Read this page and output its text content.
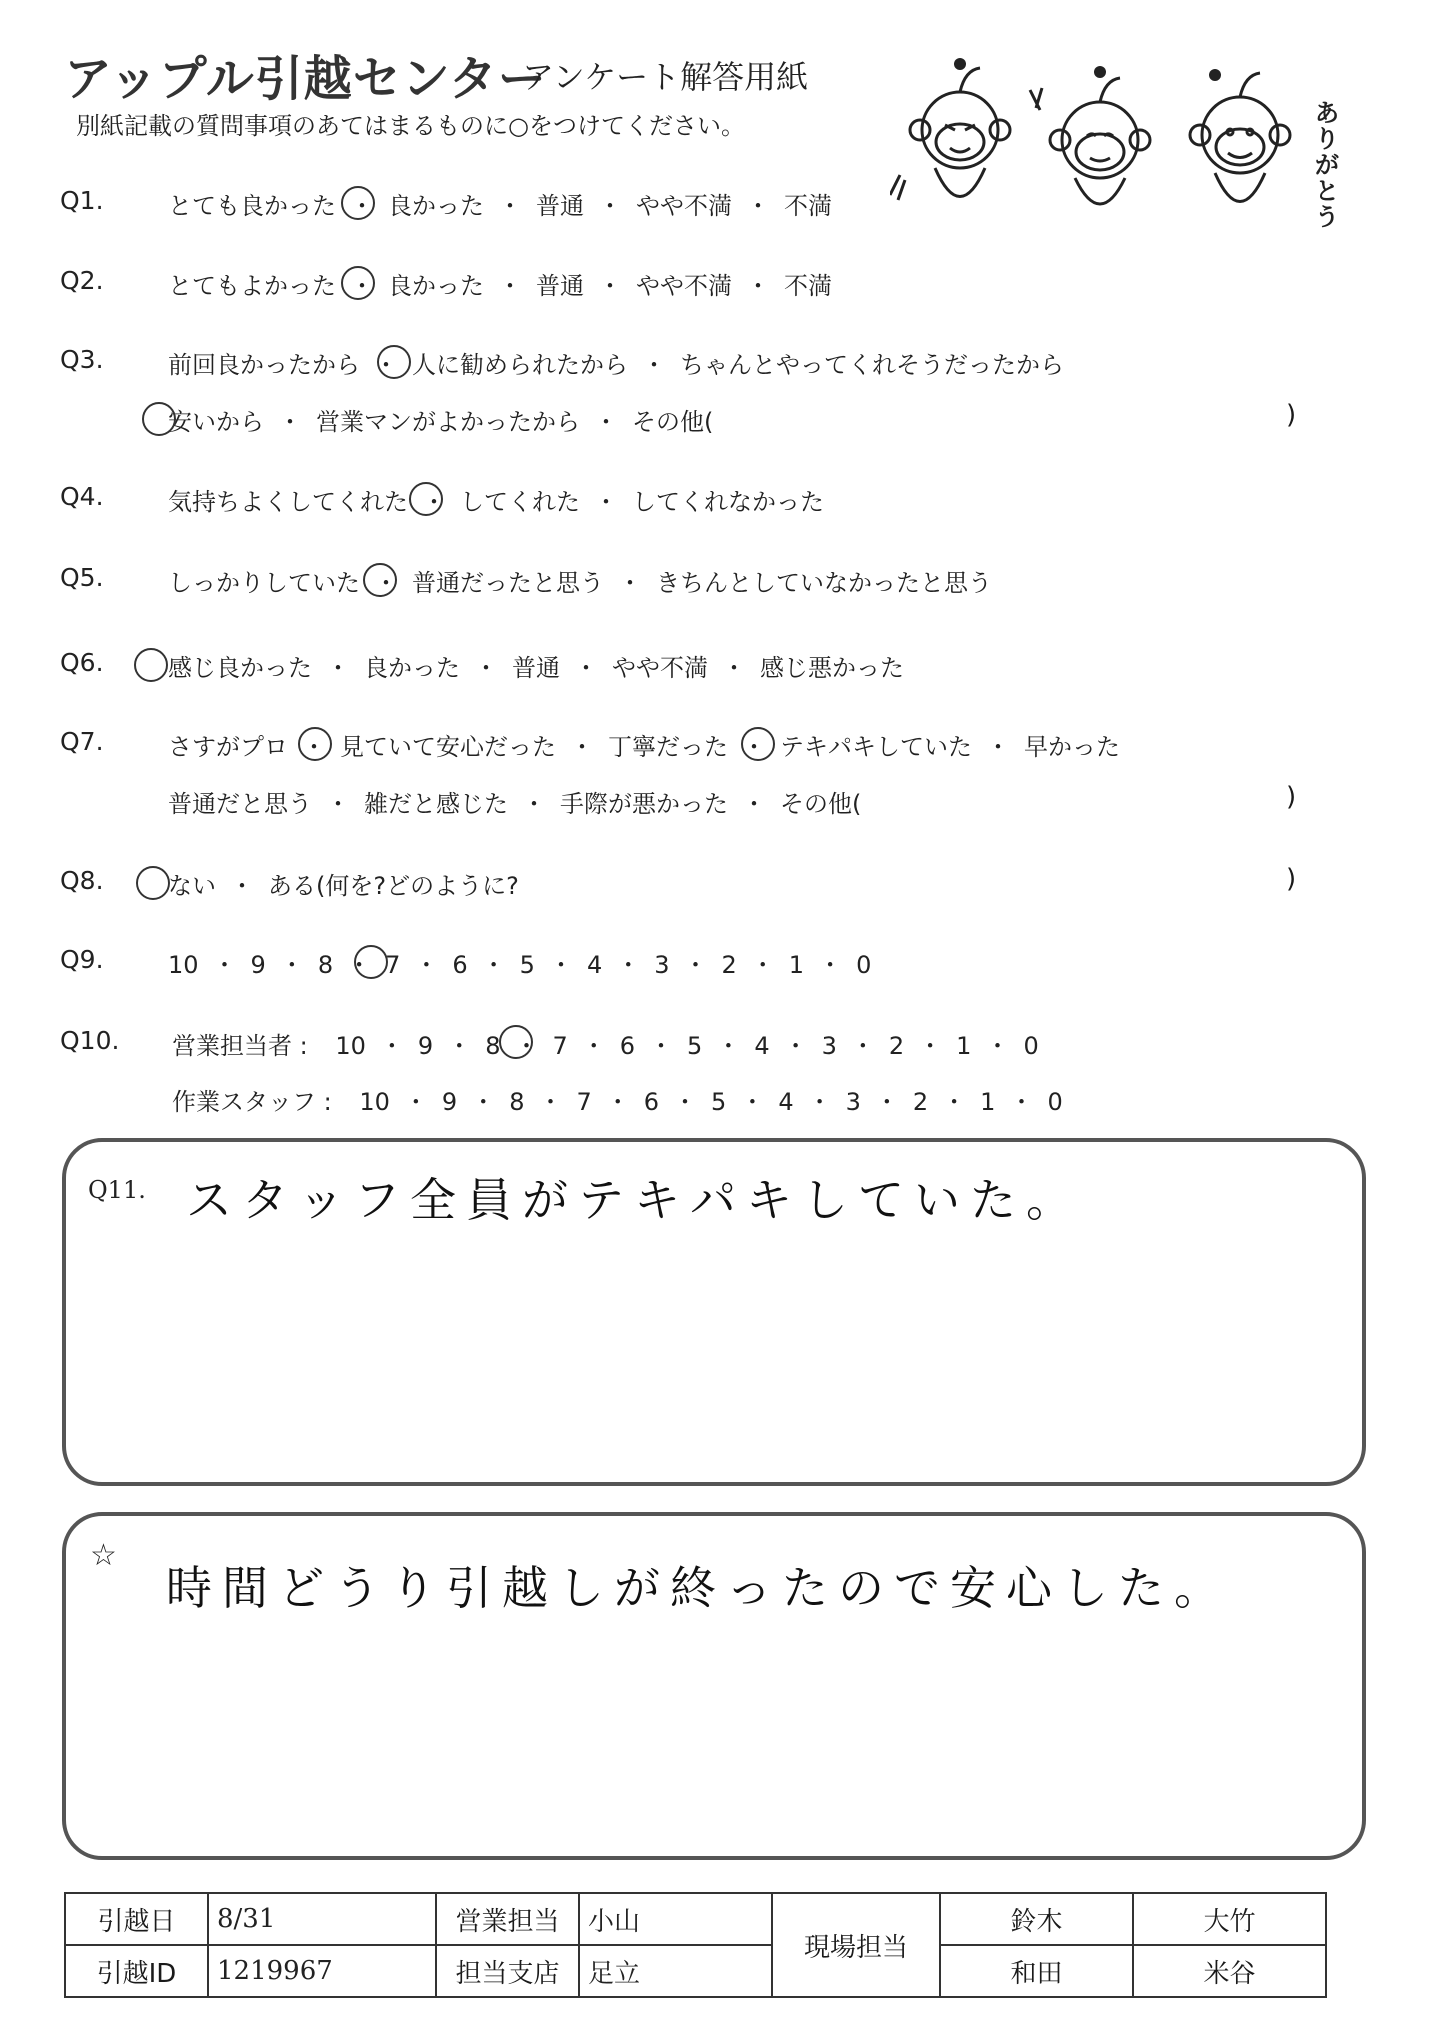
アップル引越センター
アンケート解答用紙
別紙記載の質問事項のあてはまるものに○をつけてください。	ありがとう
Q1.	とても良かった ・ 良かった ・ 普通 ・ やや不満 ・ 不満
Q2.	とてもよかった ・ 良かった ・ 普通 ・ やや不満 ・ 不満
Q3.	前回良かったから ・ 人に勧められたから ・ ちゃんとやってくれそうだったから
安いから ・ 営業マンがよかったから ・ その他(	)
Q4.	気持ちよくしてくれた ・ してくれた ・ してくれなかった
Q5.	しっかりしていた ・ 普通だったと思う ・ きちんとしていなかったと思う
Q6.	感じ良かった ・ 良かった ・ 普通 ・ やや不満 ・ 感じ悪かった
Q7.	さすがプロ ・ 見ていて安心だった ・ 丁寧だった ・ テキパキしていた ・ 早かった
普通だと思う ・ 雑だと感じた ・ 手際が悪かった ・ その他(	)
Q8.	ない ・ ある(何を?どのように?	)
Q9.	10 ・ 9 ・ 8 ・ 7 ・ 6 ・ 5 ・ 4 ・ 3 ・ 2 ・ 1 ・ 0
Q10. 営業担当者 : 10 ・ 9 ・ 8 ・ 7 ・ 6 ・ 5 ・ 4 ・ 3 ・ 2 ・ 1 ・ 0
作業スタッフ : 10 ・ 9 ・ 8 ・ 7 ・ 6 ・ 5 ・ 4 ・ 3 ・ 2 ・ 1 ・ 0
Q11. スタッフ全員がテキパキしていた。
☆
時間どうり引越しが終ったので安心した。
引越日	8/31	営業担当	小山	現場担当	鈴木	大竹
引越ID	1219967	担当支店	足立		和田	米谷
